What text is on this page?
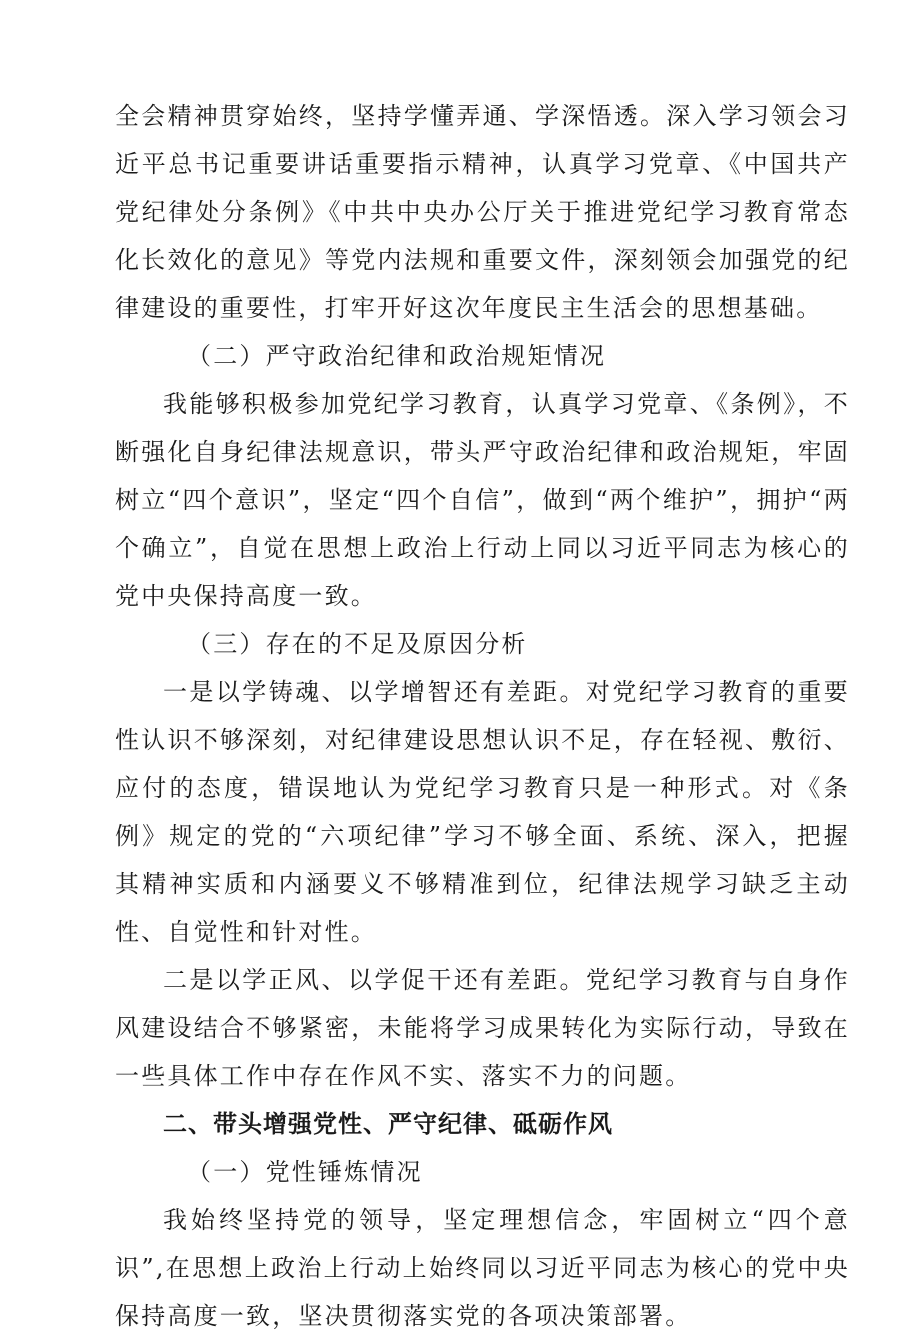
全会精神贯穿始终，坚持学懂弄通、学深悟透。深入学习领会习近平总书记重要讲话重要指示精神，认真学习党章、《中国共产党纪律处分条例》《中共中央办公厅关于推进党纪学习教育常态化长效化的意见》等党内法规和重要文件，深刻领会加强党的纪律建设的重要性，打牢开好这次年度民主生活会的思想基础。

（二）严守政治纪律和政治规矩情况

我能够积极参加党纪学习教育，认真学习党章、《条例》，不断强化自身纪律法规意识，带头严守政治纪律和政治规矩，牢固树立“四个意识”，坚定“四个自信”，做到“两个维护”，拥护“两个确立”，自觉在思想上政治上行动上同以习近平同志为核心的党中央保持高度一致。

（三）存在的不足及原因分析

一是以学铸魂、以学增智还有差距。对党纪学习教育的重要性认识不够深刻，对纪律建设思想认识不足，存在轻视、敷衍、应付的态度，错误地认为党纪学习教育只是一种形式。对《条例》规定的党的“六项纪律”学习不够全面、系统、深入，把握其精神实质和内涵要义不够精准到位，纪律法规学习缺乏主动性、自觉性和针对性。

二是以学正风、以学促干还有差距。党纪学习教育与自身作风建设结合不够紧密，未能将学习成果转化为实际行动，导致在一些具体工作中存在作风不实、落实不力的问题。

二、带头增强党性、严守纪律、砥砺作风

（一）党性锤炼情况

我始终坚持党的领导，坚定理想信念，牢固树立“四个意识”,在思想上政治上行动上始终同以习近平同志为核心的党中央保持高度一致，坚决贯彻落实党的各项决策部署。
